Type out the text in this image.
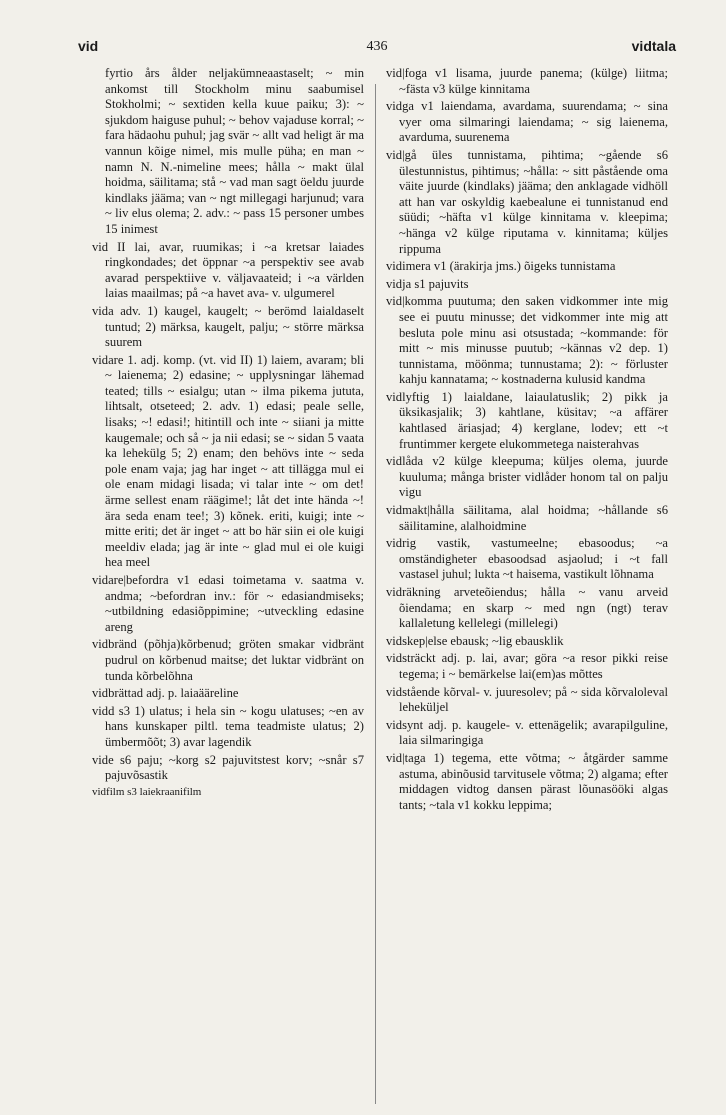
vid	436	vidtala

fyrtio års ålder neljakümneaastaselt; ~ min ankomst till Stockholm minu saabumisel Stokholmi; ~ sextiden kella kuue paiku; 3): ~ sjukdom haiguse puhul; ~ behov vajaduse korral; ~ fara hädaohu puhul; jag svär ~ allt vad heligt är ma vannun kõige nimel, mis mulle püha; en man ~ namn N. N.-nimeline mees; hålla ~ makt ülal hoidma, säilitama; stå ~ vad man sagt öeldu juurde kindlaks jääma; van ~ ngt millegagi harjunud; vara ~ liv elus olema; 2. adv.: ~ pass 15 personer umbes 15 inimest

vid II lai, avar, ruumikas; i ~a kretsar laiades ringkondades; det öppnar ~a perspektiv see avab avarad perspektiive v. väljavaateid; i ~a världen laias maailmas; på ~a havet ava- v. ulgumerel

vida adv. 1) kaugel, kaugelt; ~ berömd laialdaselt tuntud; 2) märksa, kaugelt, palju; ~ större märksa suurem

vidare 1. adj. komp. (vt. vid II) 1) laiem, avaram; bli ~ laienema; 2) edasine; ~ upplysningar lähemad teated; tills ~ esialgu; utan ~ ilma pikema jututa, lihtsalt, otseteed; 2. adv. 1) edasi; peale selle, lisaks; ~! edasi!; hitintill och inte ~ siiani ja mitte kaugemale; och så ~ ja nii edasi; se ~ sidan 5 vaata ka lehekülg 5; 2) enam; den behövs inte ~ seda pole enam vaja; jag har inget ~ att tillägga mul ei ole enam midagi lisada; vi talar inte ~ om det! ärme sellest enam räägime!; låt det inte hända ~! ära seda enam tee!; 3) kõnek. eriti, kuigi; inte ~ mitte eriti; det är inget ~ att bo här siin ei ole kuigi meeldiv elada; jag är inte ~ glad mul ei ole kuigi hea meel

vidare|befordra v1 edasi toimetama v. saatma v. andma; ~befordran inv.: för ~ edasiandmiseks; ~utbildning edasiõppimine; ~utveckling edasine areng

vidbränd (põhja)kõrbenud; gröten smakar vidbränt pudrul on kõrbenud maitse; det luktar vidbränt on tunda kõrbelõhna

vidbrättad adj. p. laiaääreline

vidd s3 1) ulatus; i hela sin ~ kogu ulatuses; ~en av hans kunskaper piltl. tema teadmiste ulatus; 2) ümbermõõt; 3) avar lagendik

vide s6 paju; ~korg s2 pajuvitstest korv; ~snår s7 pajuvõsastik

vidfilm s3 laiekraanifilm

vid|foga v1 lisama, juurde panema; (külge) liitma; ~fästa v3 külge kinnitama

vidga v1 laiendama, avardama, suurendama; ~ sina vyer oma silmaringi laiendama; ~ sig laienema, avarduma, suurenema

vid|gå üles tunnistama, pihtima; ~gående s6 ülestunnistus, pihtimus; ~hålla: ~ sitt påstående oma väite juurde (kindlaks) jääma; den anklagade vidhöll att han var oskyldig kaebealune ei tunnistanud end süüdi; ~häfta v1 külge kinnitama v. kleepima; ~hänga v2 külge riputama v. kinnitama; küljes rippuma

vidimera v1 (ärakirja jms.) õigeks tunnistama

vidja s1 pajuvits

vid|komma puutuma; den saken vidkommer inte mig see ei puutu minusse; det vidkommer inte mig att besluta pole minu asi otsustada; ~kommande: för mitt ~ mis minusse puutub; ~kännas v2 dep. 1) tunnistama, möönma; tunnustama; 2): ~ förluster kahju kannatama; ~ kostnaderna kulusid kandma

vidlyftig 1) laialdane, laiaulatuslik; 2) pikk ja üksikasjalik; 3) kahtlane, küsitav; ~a affärer kahtlased äriasjad; 4) kerglane, lodev; ett ~t fruntimmer kergete elukommetega naisterahvas

vidlåda v2 külge kleepuma; küljes olema, juurde kuuluma; många brister vidlåder honom tal on palju vigu

vidmakt|hålla säilitama, alal hoidma; ~hållande s6 säilitamine, alalhoidmine

vidrig vastik, vastumeelne; ebasoodus; ~a omständigheter ebasoodsad asjaolud; i ~t fall vastasel juhul; lukta ~t haisema, vastikult lõhnama

vidräkning arveteõiendus; hålla ~ vanu arveid õiendama; en skarp ~ med ngn (ngt) terav kallaletung kellelegi (millelegi)

vidskep|else ebausk; ~lig ebausklik

vidsträckt adj. p. lai, avar; göra ~a resor pikki reise tegema; i ~ bemärkelse lai(em)as mõttes

vidstående kõrval- v. juuresolev; på ~ sida kõrvaloleval leheküljel

vidsynt adj. p. kaugele- v. ettenägelik; avarapilguline, laia silmaringiga

vid|taga 1) tegema, ette võtma; ~ åtgärder samme astuma, abinõusid tarvitusele võtma; 2) algama; efter middagen vidtog dansen pärast lõunasööki algas tants; ~tala v1 kokku leppima;
